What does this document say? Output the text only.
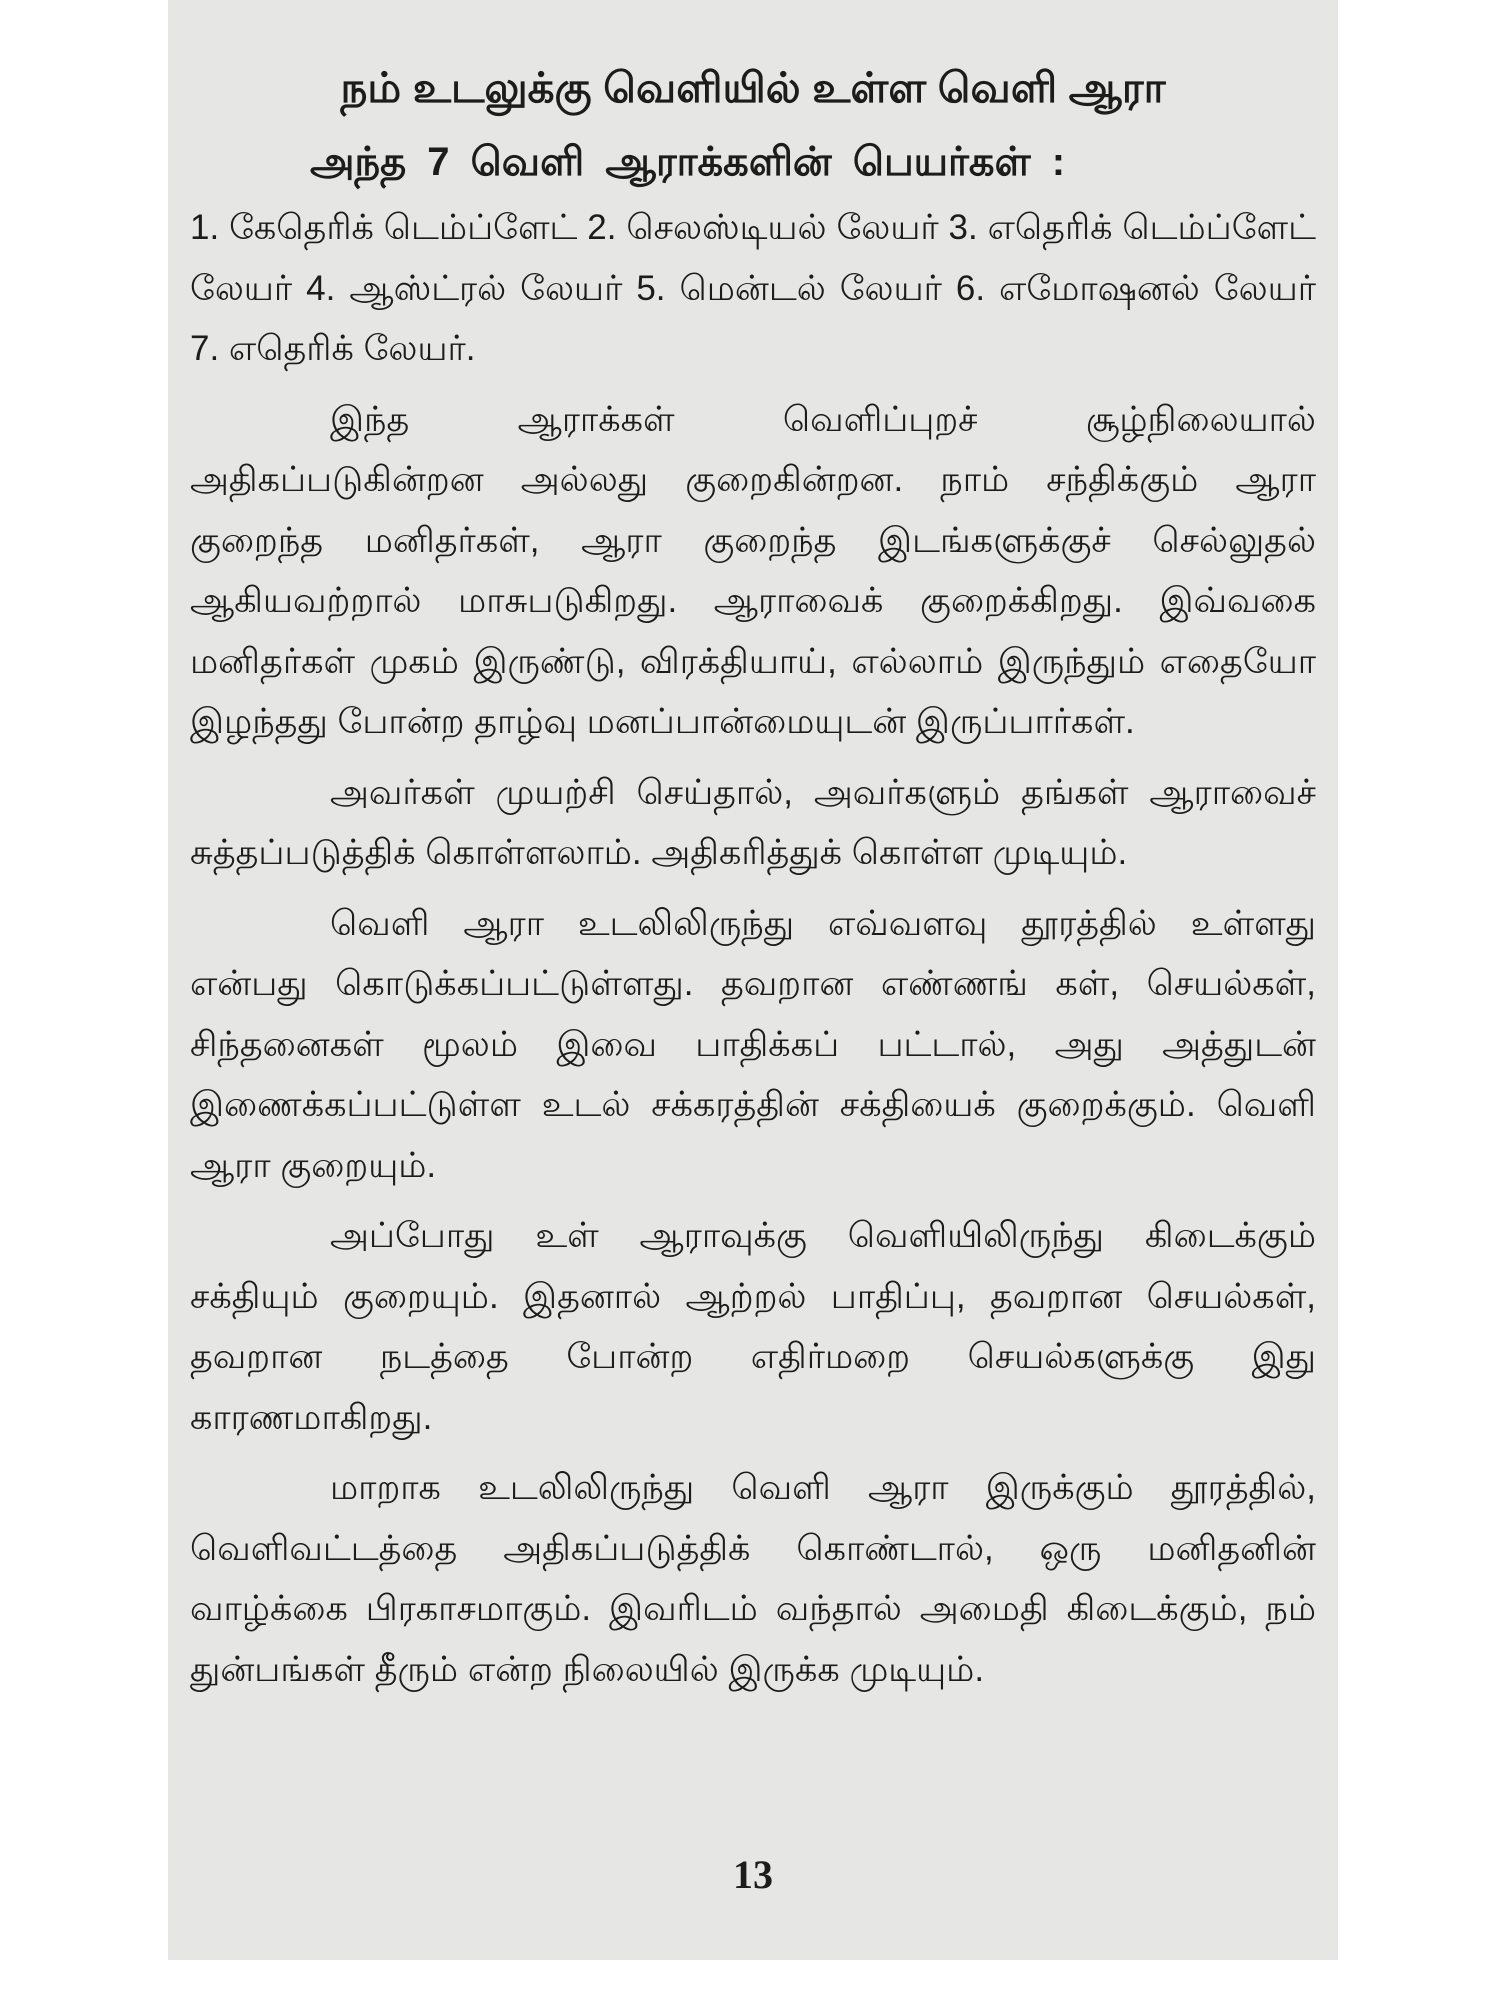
நம் உடலுக்கு வெளியில் உள்ள வெளி ஆரா
அந்த 7 வெளி ஆராக்களின் பெயர்கள் :

1. கேதெரிக் டெம்ப்ளேட் 2. செலஸ்டியல் லேயர் 3. எதெரிக் டெம்ப்ளேட் லேயர் 4. ஆஸ்ட்ரல் லேயர் 5. மென்டல் லேயர் 6. எமோஷனல் லேயர் 7. எதெரிக் லேயர்.

இந்த ஆராக்கள் வெளிப்புறச் சூழ்நிலையால் அதிகப்படுகின்றன அல்லது குறைகின்றன. நாம் சந்திக்கும் ஆரா குறைந்த மனிதர்கள், ஆரா குறைந்த இடங்களுக்குச் செல்லுதல் ஆகியவற்றால் மாசுபடுகிறது. ஆராவைக் குறைக்கிறது. இவ்வகை மனிதர்கள் முகம் இருண்டு, விரக்தியாய், எல்லாம் இருந்தும் எதையோ இழந்தது போன்ற தாழ்வு மனப்பான்மையுடன் இருப்பார்கள்.

அவர்கள் முயற்சி செய்தால், அவர்களும் தங்கள் ஆராவைச் சுத்தப்படுத்திக் கொள்ளலாம். அதிகரித்துக் கொள்ள முடியும்.

வெளி ஆரா உடலிலிருந்து எவ்வளவு தூரத்தில் உள்ளது என்பது கொடுக்கப்பட்டுள்ளது. தவறான எண்ணங் கள், செயல்கள், சிந்தனைகள் மூலம் இவை பாதிக்கப் பட்டால், அது அத்துடன் இணைக்கப்பட்டுள்ள உடல் சக்கரத்தின் சக்தியைக் குறைக்கும். வெளி ஆரா குறையும்.

அப்போது உள் ஆராவுக்கு வெளியிலிருந்து கிடைக்கும் சக்தியும் குறையும். இதனால் ஆற்றல் பாதிப்பு, தவறான செயல்கள், தவறான நடத்தை போன்ற எதிர்மறை செயல்களுக்கு இது காரணமாகிறது.

மாறாக உடலிலிருந்து வெளி ஆரா இருக்கும் தூரத்தில், வெளிவட்டத்தை அதிகப்படுத்திக் கொண்டால், ஒரு மனிதனின் வாழ்க்கை பிரகாசமாகும். இவரிடம் வந்தால் அமைதி கிடைக்கும், நம் துன்பங்கள் தீரும் என்ற நிலையில் இருக்க முடியும்.

13
